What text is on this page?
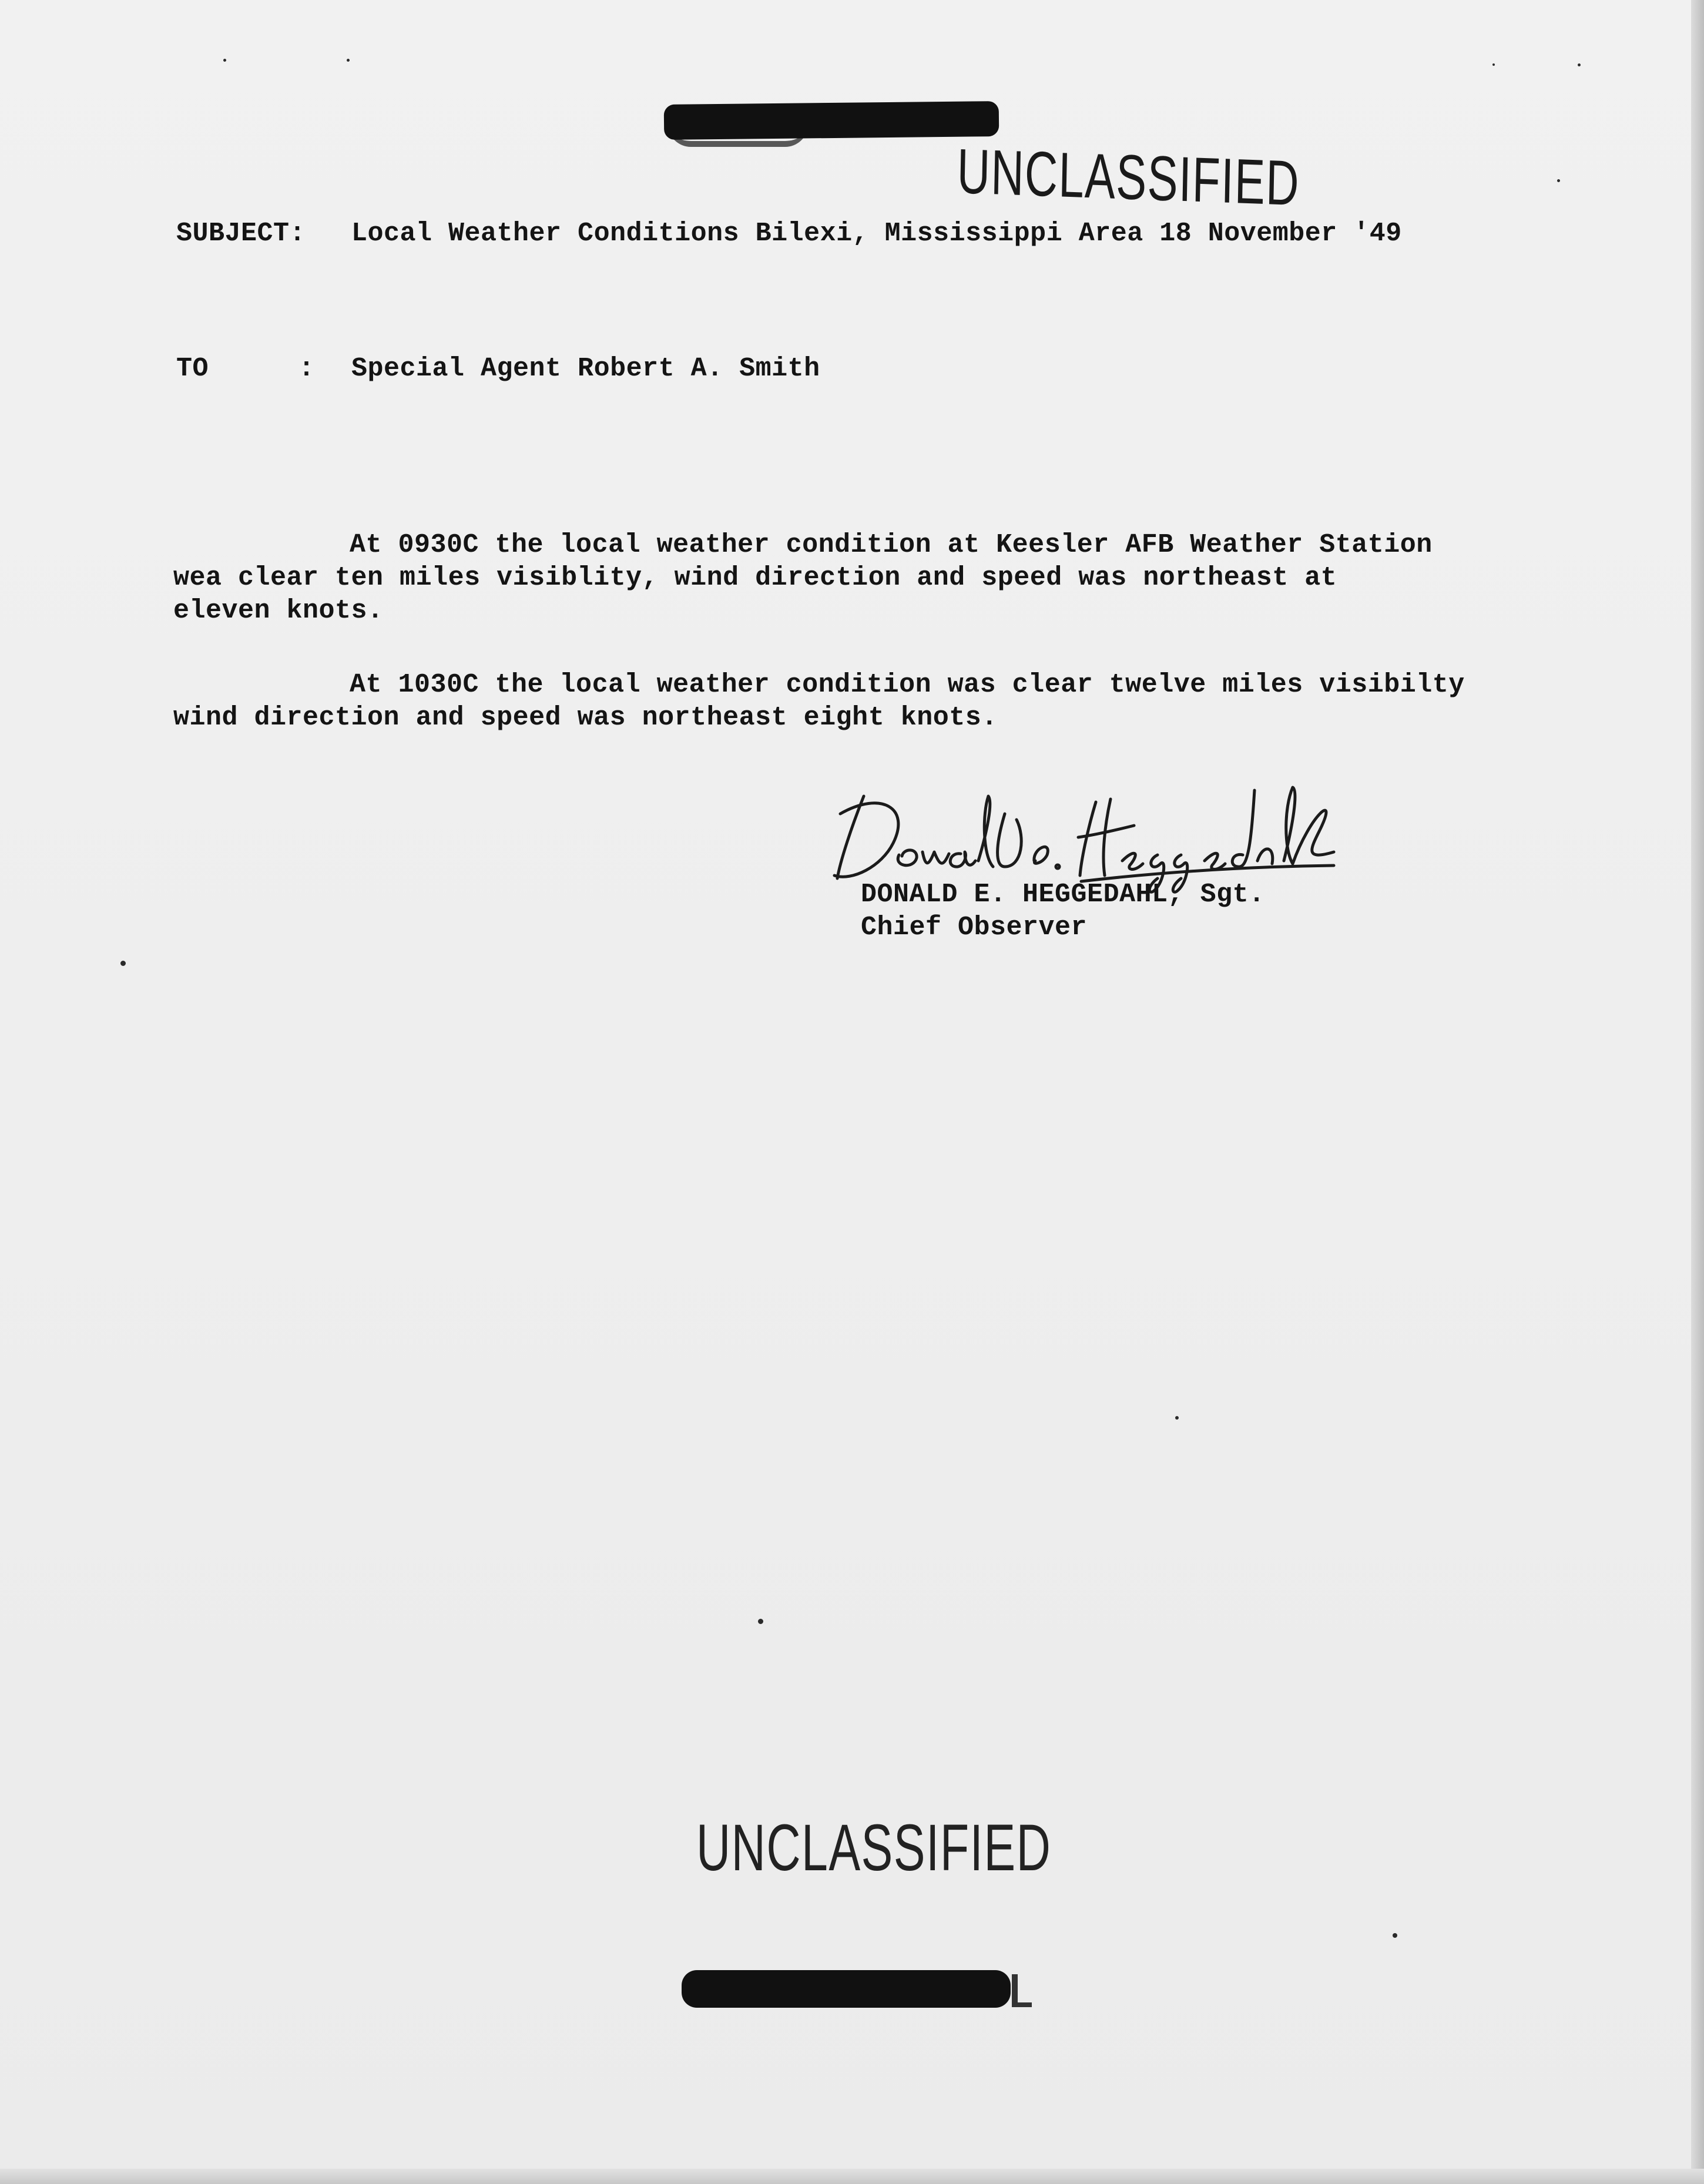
UNCLASSIFIED
SUBJECT: Local Weather Conditions Bilexi, Mississippi Area 18 November '49
TO	: Special Agent Robert A. Smith
At 0930C the local weather condition at Keesler AFB Weather Station
wea clear ten miles visiblity, wind direction and speed was northeast at
eleven knots.
At 1030C the local weather condition was clear twelve miles visibilty
wind direction and speed was northeast eight knots.
DONALD E. HEGGEDAHL, Sgt.
Chief Observer
UNCLASSIFIED
